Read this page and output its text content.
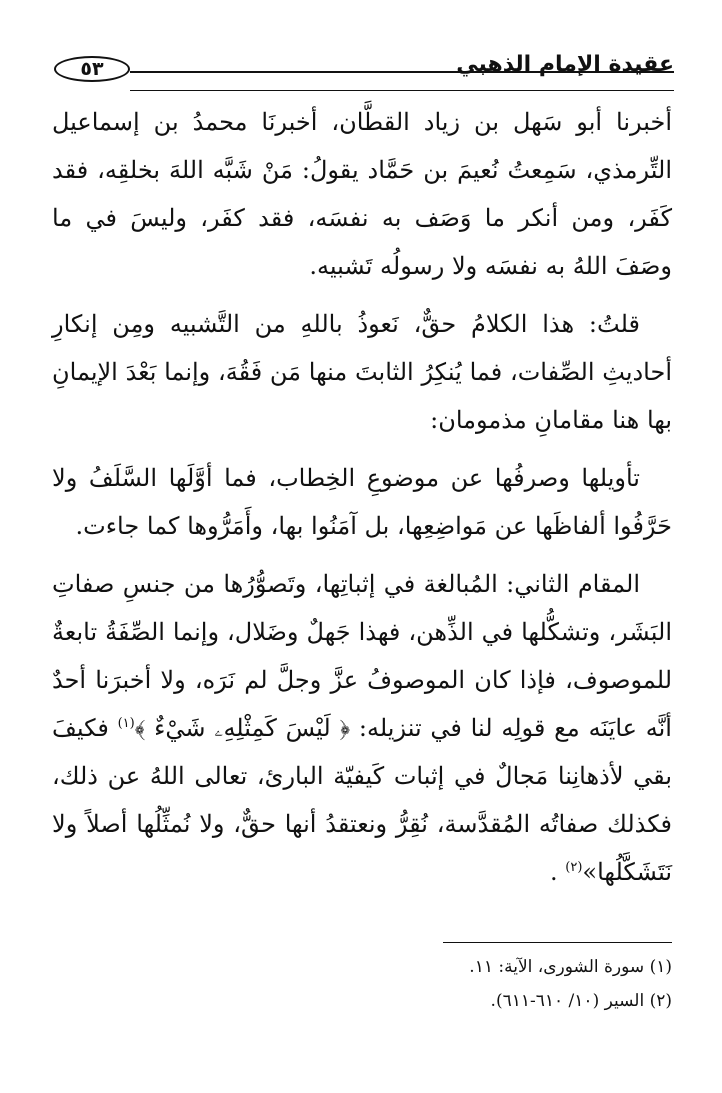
عقيدة الإمام الذهبي
٥٣

أخبرنا أبو سَهل بن زياد القطَّان، أخبرنَا محمدُ بن إسماعيل التِّرمذي، سَمِعتُ نُعيمَ بن حَمَّاد يقولُ: مَنْ شَبَّه اللهَ بخلقِه، فقد كَفَر، ومن أنكر ما وَصَف به نفسَه، فقد كفَر، وليسَ في ما وصَفَ اللهُ به نفسَه ولا رسولُه تَشبيه.

قلتُ: هذا الكلامُ حقٌّ، نَعوذُ باللهِ من التَّشبيه ومِن إنكارِ أحاديثِ الصِّفات، فما يُنكِرُ الثابتَ منها مَن فَقُهَ، وإنما بَعْدَ الإيمانِ بها هنا مقامانِ مذمومان:

تأويلها وصرفُها عن موضوعِ الخِطاب، فما أوَّلَها السَّلَفُ ولا حَرَّفُوا ألفاظَها عن مَواضِعِها، بل آمَنُوا بها، وأَمَرُّوها كما جاءت.

المقام الثاني: المُبالغة في إثباتِها، وتَصوُّرُها من جنسِ صفاتِ البَشَر، وتشكُّلها في الذِّهن، فهذا جَهلٌ وضَلال، وإنما الصِّفَةُ تابعةٌ للموصوف، فإذا كان الموصوفُ عزَّ وجلَّ لم نَرَه، ولا أخبرَنا أحدٌ أنَّه عايَنَه مع قولِه لنا في تنزيله: ﴿ لَيْسَ كَمِثْلِهِۦ شَيْءٌ ﴾$^{(١)}$ فكيفَ بقي لأذهانِنا مَجالٌ في إثبات كَيفيّة البارئ، تعالى اللهُ عن ذلك، فكذلك صفاتُه المُقدَّسة، نُقِرُّ ونعتقدُ أنها حقٌّ، ولا نُمثِّلُها أصلاً ولا نَتَشَكَّلُها»$^{(٢)}$ .

(١) سورة الشورى، الآية: ١١.
(٢) السير (١٠/ ٦١٠-٦١١).
